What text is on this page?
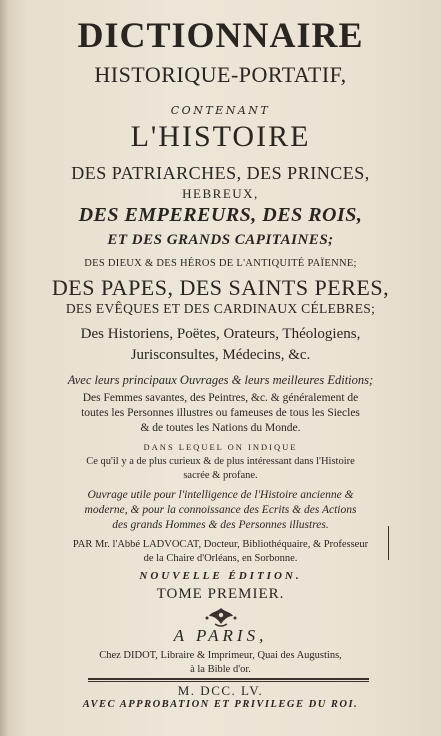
DICTIONNAIRE
HISTORIQUE-PORTATIF,
CONTENANT
L'HISTOIRE
DES PATRIARCHES, DES PRINCES,
HEBREUX,
DES EMPEREURS, DES ROIS,
ET DES GRANDS CAPITAINES;
DES DIEUX & DES HÉROS DE L'ANTIQUITÉ PAÏENNE;
DES PAPES, DES SAINTS PERES,
DES EVÊQUES ET DES CARDINAUX CÉLEBRES;
Des Historiens, Poëtes, Orateurs, Théologiens,
Jurisconsultes, Médecins, &c.
Avec leurs principaux Ouvrages & leurs meilleures Editions;
Des Femmes savantes, des Peintres, &c. & généralement de
toutes les Personnes illustres ou fameuses de tous les Siecles
& de toutes les Nations du Monde.
DANS LEQUEL ON INDIQUE
Ce qu'il y a de plus curieux & de plus intéressant dans l'Histoire
sacrée & profane.
Ouvrage utile pour l'intelligence de l'Histoire ancienne &
moderne, & pour la connoissance des Ecrits & des Actions
des grands Hommes & des Personnes illustres.
PAR Mr. l'Abbé LADVOCAT, Docteur, Bibliothéquaire, & Professeur
de la Chaire d'Orléans, en Sorbonne.
NOUVELLE ÉDITION.
TOME PREMIER.
A PARIS,
Chez DIDOT, Libraire & Imprimeur, Quai des Augustins,
à la Bible d'or.
M. DCC. LV.
AVEC APPROBATION ET PRIVILEGE DU ROI.
